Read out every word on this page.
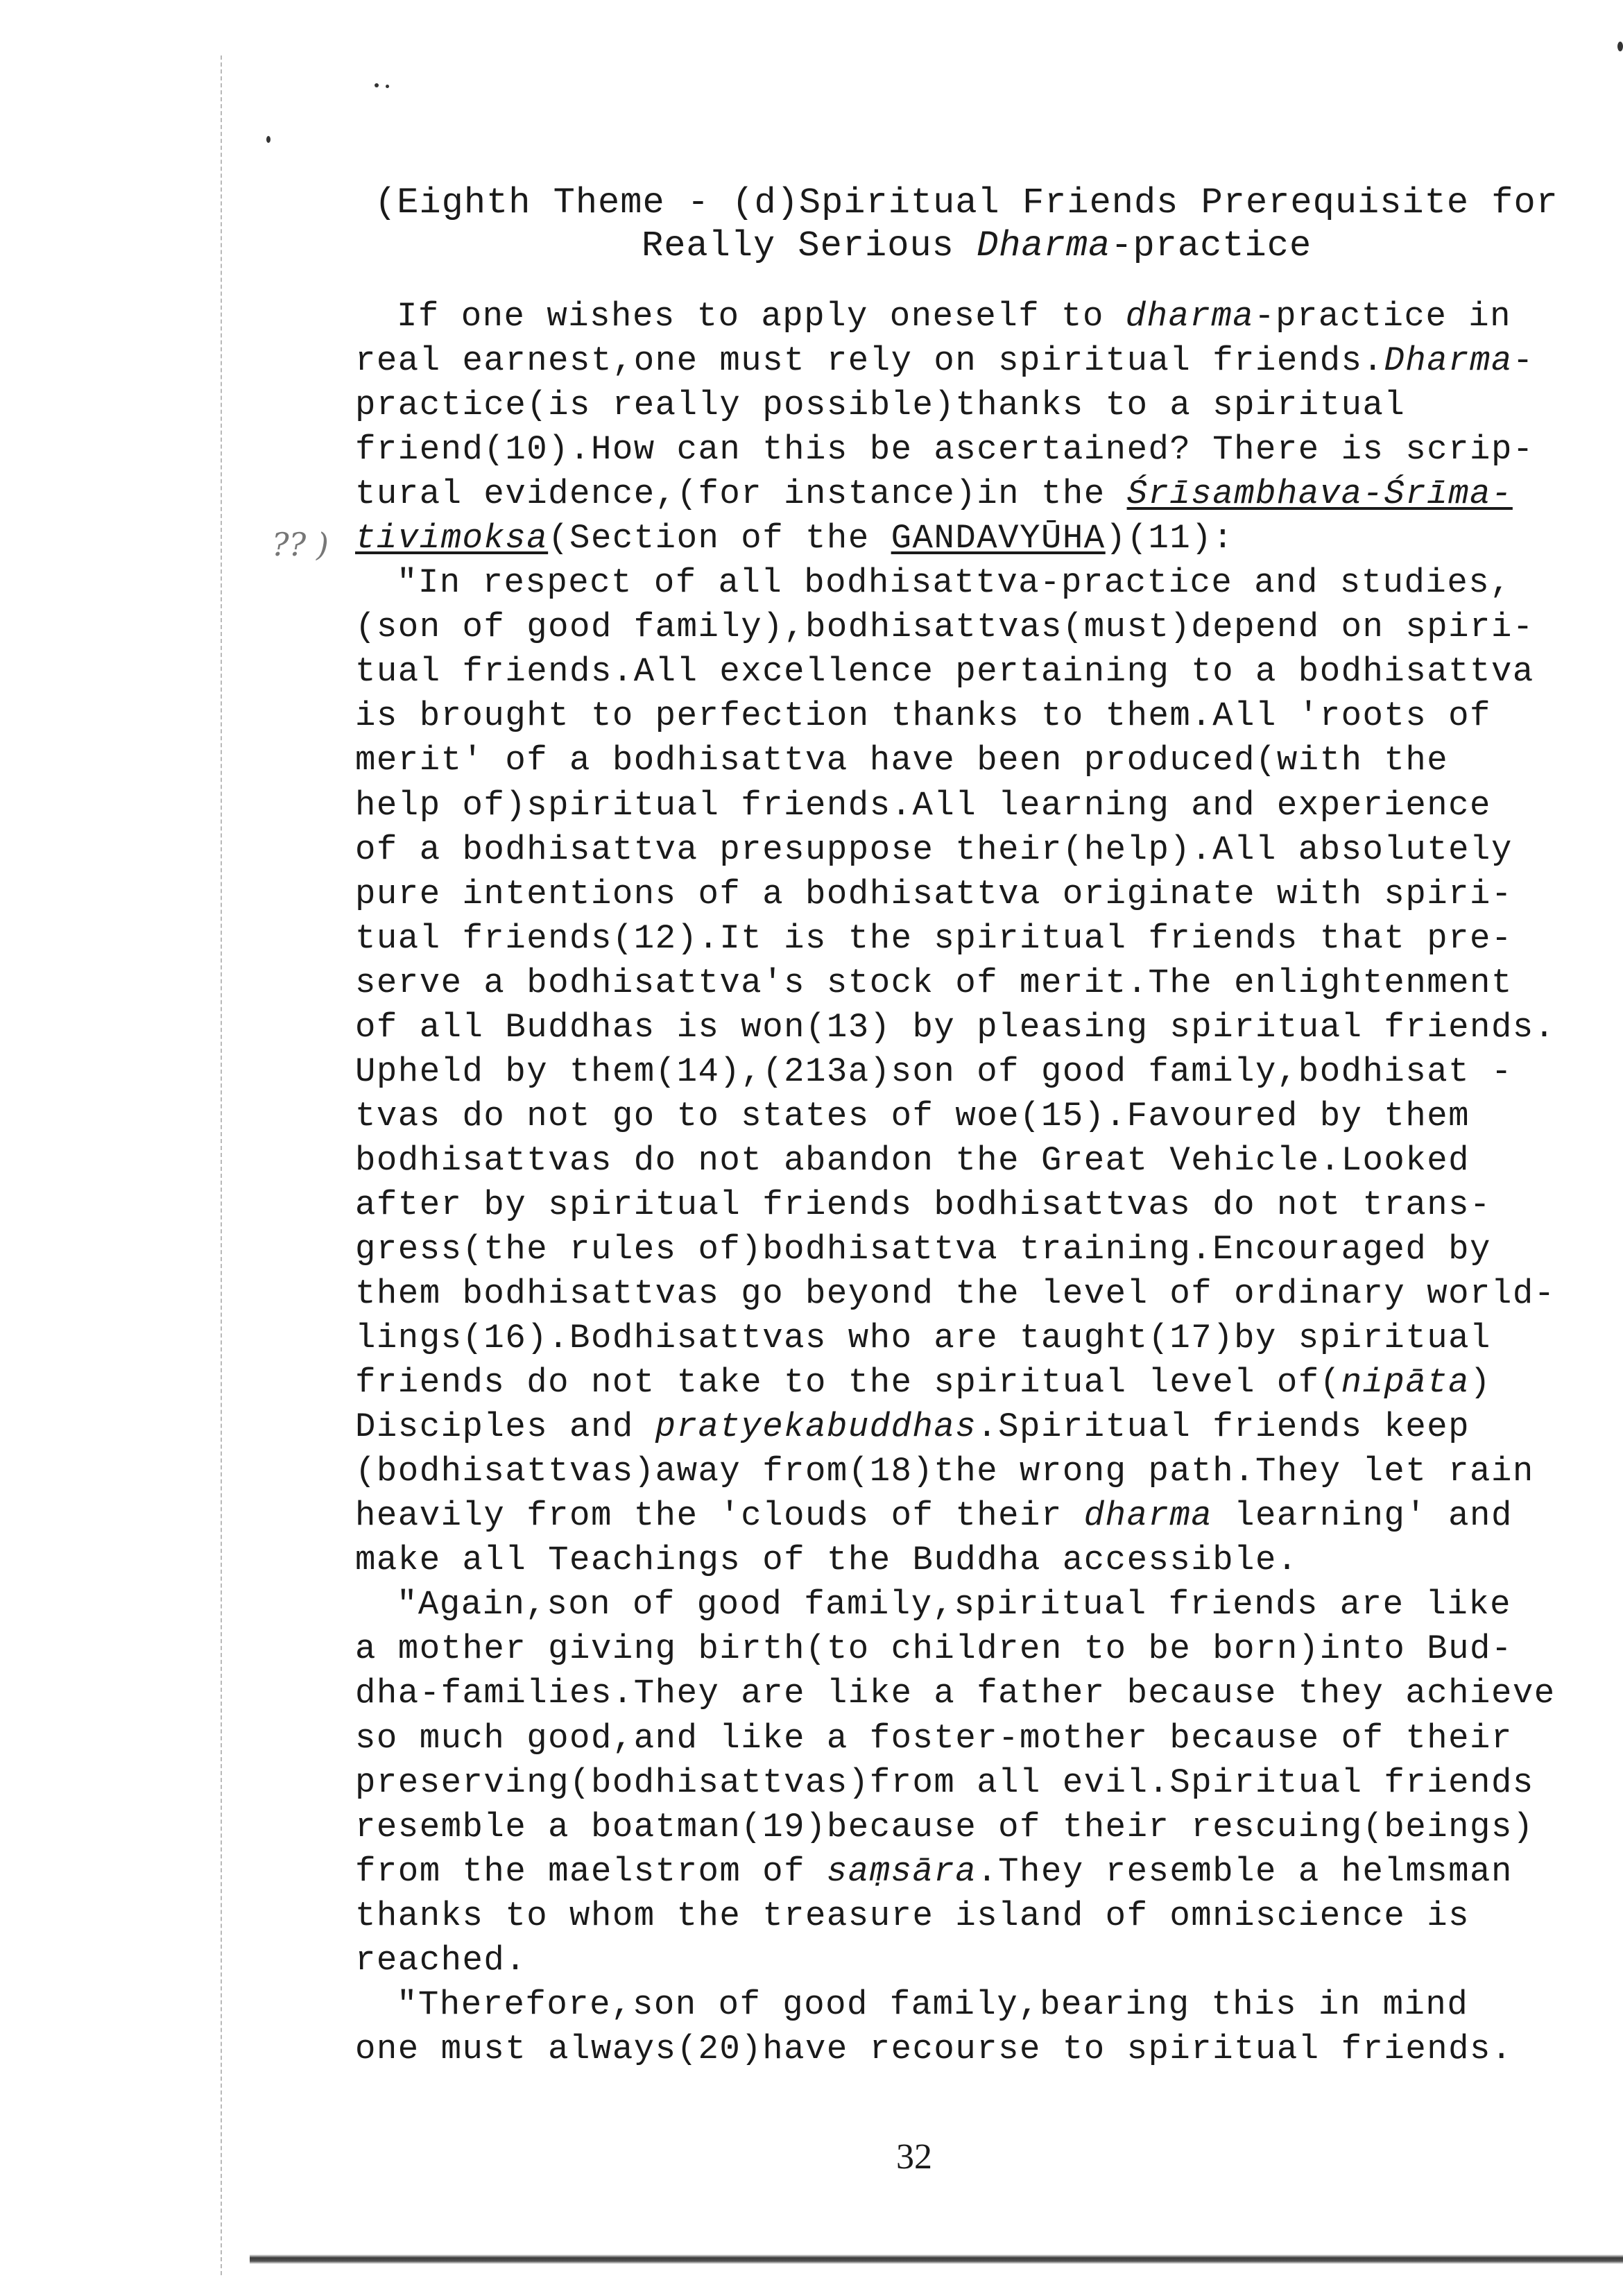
(Eighth Theme - (d)Spiritual Friends Prerequisite for
Really Serious Dharma-practice
?? )
If one wishes to apply oneself to dharma-practice in
real earnest,one must rely on spiritual friends.Dharma-
practice(is really possible)thanks to a spiritual
friend(10).How can this be ascertained? There is scrip-
tural evidence,(for instance)in the Śrīsambhava-Śrīma-
tivimoksa(Section of the GANDAVYŪHA)(11):
"In respect of all bodhisattva-practice and studies,
(son of good family),bodhisattvas(must)depend on spiri-
tual friends.All excellence pertaining to a bodhisattva
is brought to perfection thanks to them.All 'roots of
merit' of a bodhisattva have been produced(with the
help of)spiritual friends.All learning and experience
of a bodhisattva presuppose their(help).All absolutely
pure intentions of a bodhisattva originate with spiri-
tual friends(12).It is the spiritual friends that pre-
serve a bodhisattva's stock of merit.The enlightenment
of all Buddhas is won(13) by pleasing spiritual friends.
Upheld by them(14),(213a)son of good family,bodhisat -
tvas do not go to states of woe(15).Favoured by them
bodhisattvas do not abandon the Great Vehicle.Looked
after by spiritual friends bodhisattvas do not trans-
gress(the rules of)bodhisattva training.Encouraged by
them bodhisattvas go beyond the level of ordinary world-
lings(16).Bodhisattvas who are taught(17)by spiritual
friends do not take to the spiritual level of(nipāta)
Disciples and pratyekabuddhas.Spiritual friends keep
(bodhisattvas)away from(18)the wrong path.They let rain
heavily from the 'clouds of their dharma learning' and
make all Teachings of the Buddha accessible.
"Again,son of good family,spiritual friends are like
a mother giving birth(to children to be born)into Bud-
dha-families.They are like a father because they achieve
so much good,and like a foster-mother because of their
preserving(bodhisattvas)from all evil.Spiritual friends
resemble a boatman(19)because of their rescuing(beings)
from the maelstrom of saṃsāra.They resemble a helmsman
thanks to whom the treasure island of omniscience is
reached.
"Therefore,son of good family,bearing this in mind
one must always(20)have recourse to spiritual friends.
32
